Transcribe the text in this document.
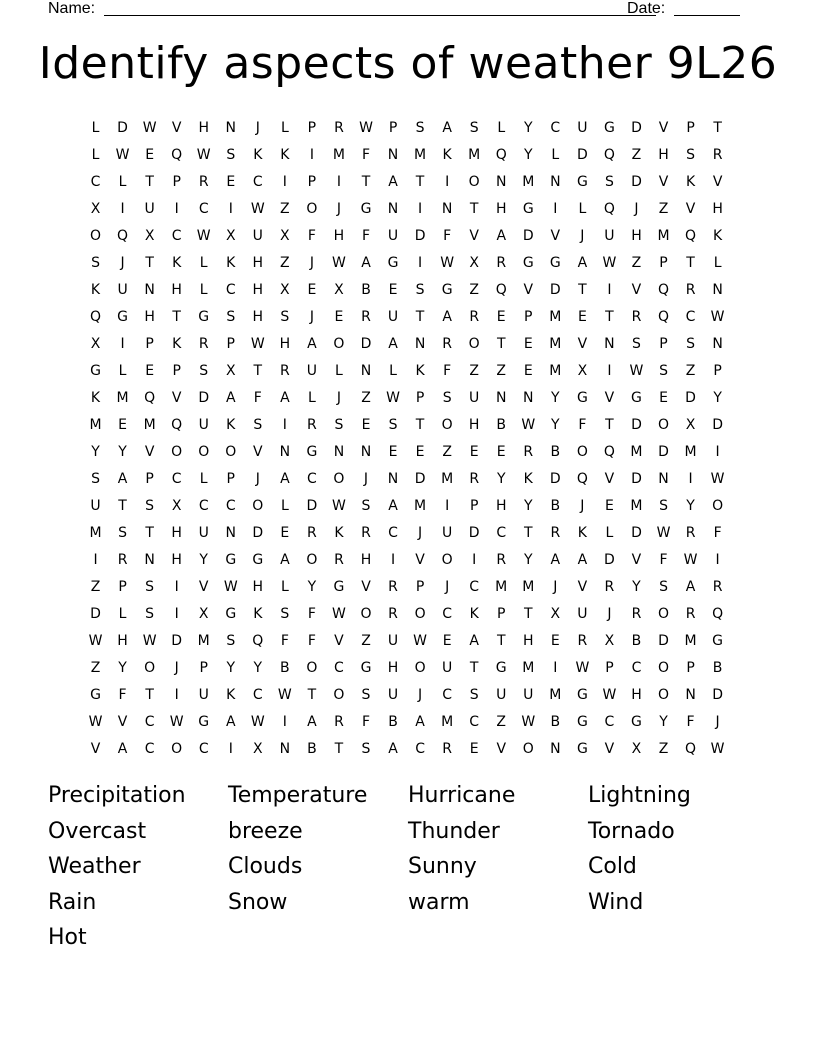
Name:	Date:
Identify aspects of weather 9L26
L	D	W	V	H	N	J	L	P	R	W	P	S	A	S	L	Y	C	U	G	D	V	P	T
L	W	E	Q	W	S	K	K	I	M	F	N	M	K	M	Q	Y	L	D	Q	Z	H	S	R
C	L	T	P	R	E	C	I	P	I	T	A	T	I	O	N	M	N	G	S	D	V	K	V
X	I	U	I	C	I	W	Z	O	J	G	N	I	N	T	H	G	I	L	Q	J	Z	V	H
O	Q	X	C	W	X	U	X	F	H	F	U	D	F	V	A	D	V	J	U	H	M	Q	K
S	J	T	K	L	K	H	Z	J	W	A	G	I	W	X	R	G	G	A	W	Z	P	T	L
K	U	N	H	L	C	H	X	E	X	B	E	S	G	Z	Q	V	D	T	I	V	Q	R	N
Q	G	H	T	G	S	H	S	J	E	R	U	T	A	R	E	P	M	E	T	R	Q	C	W
X	I	P	K	R	P	W	H	A	O	D	A	N	R	O	T	E	M	V	N	S	P	S	N
G	L	E	P	S	X	T	R	U	L	N	L	K	F	Z	Z	E	M	X	I	W	S	Z	P
K	M	Q	V	D	A	F	A	L	J	Z	W	P	S	U	N	N	Y	G	V	G	E	D	Y
M	E	M	Q	U	K	S	I	R	S	E	S	T	O	H	B	W	Y	F	T	D	O	X	D
Y	Y	V	O	O	O	V	N	G	N	N	E	E	Z	E	E	R	B	O	Q	M	D	M	I
S	A	P	C	L	P	J	A	C	O	J	N	D	M	R	Y	K	D	Q	V	D	N	I	W
U	T	S	X	C	C	O	L	D	W	S	A	M	I	P	H	Y	B	J	E	M	S	Y	O
M	S	T	H	U	N	D	E	R	K	R	C	J	U	D	C	T	R	K	L	D	W	R	F
I	R	N	H	Y	G	G	A	O	R	H	I	V	O	I	R	Y	A	A	D	V	F	W	I
Z	P	S	I	V	W	H	L	Y	G	V	R	P	J	C	M	M	J	V	R	Y	S	A	R
D	L	S	I	X	G	K	S	F	W	O	R	O	C	K	P	T	X	U	J	R	O	R	Q
W	H	W	D	M	S	Q	F	F	V	Z	U	W	E	A	T	H	E	R	X	B	D	M	G
Z	Y	O	J	P	Y	Y	B	O	C	G	H	O	U	T	G	M	I	W	P	C	O	P	B
G	F	T	I	U	K	C	W	T	O	S	U	J	C	S	U	U	M	G	W	H	O	N	D
W	V	C	W	G	A	W	I	A	R	F	B	A	M	C	Z	W	B	G	C	G	Y	F	J
V	A	C	O	C	I	X	N	B	T	S	A	C	R	E	V	O	N	G	V	X	Z	Q	W
Precipitation	Temperature	Hurricane	Lightning
Overcast	breeze	Thunder	Tornado
Weather	Clouds	Sunny	Cold
Rain	Snow	warm	Wind
Hot
